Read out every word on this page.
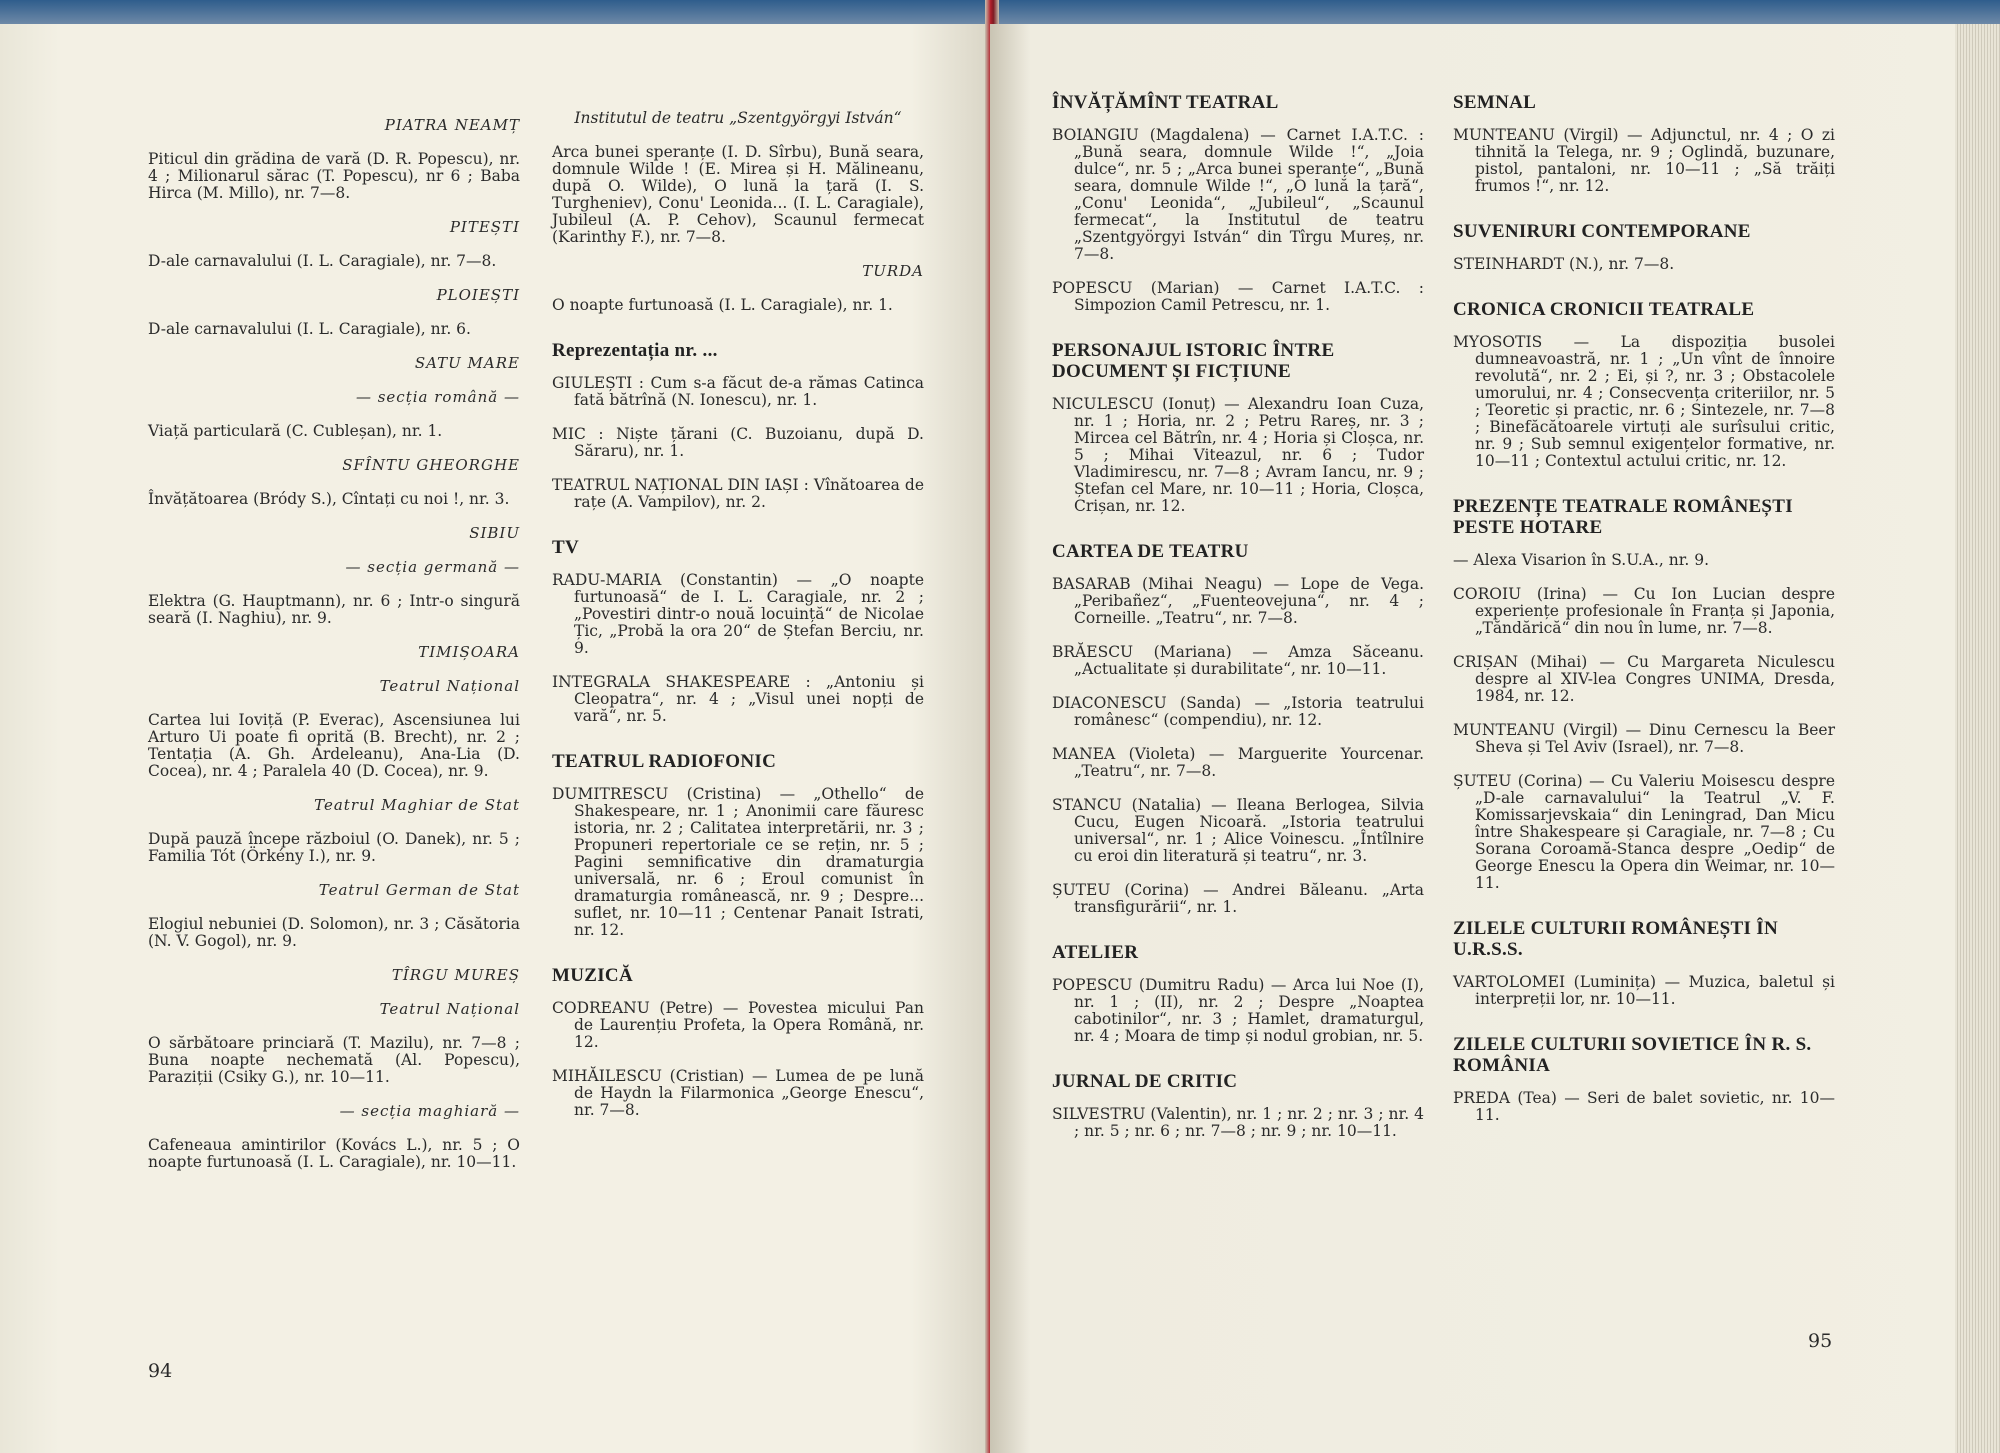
PIATRA NEAMȚ
Piticul din grădina de vară (D. R. Popescu), nr. 4 ; Milionarul sărac (T. Popescu), nr 6 ; Baba Hirca (M. Millo), nr. 7—8.
PITEȘTI
D-ale carnavalului (I. L. Caragiale), nr. 7—8.
PLOIEȘTI
D-ale carnavalului (I. L. Caragiale), nr. 6.
SATU MARE
— secția română —
Viață particulară (C. Cubleșan), nr. 1.
SFÎNTU GHEORGHE
Învățătoarea (Bródy S.), Cîntați cu noi !, nr. 3.
SIBIU
— secția germană —
Elektra (G. Hauptmann), nr. 6 ; Intr-o singură seară (I. Naghiu), nr. 9.
TIMIȘOARA
Teatrul Național
Cartea lui Ioviță (P. Everac), Ascensiunea lui Arturo Ui poate fi oprită (B. Brecht), nr. 2 ; Tentația (A. Gh. Ardeleanu), Ana-Lia (D. Cocea), nr. 4 ; Paralela 40 (D. Cocea), nr. 9.
Teatrul Maghiar de Stat
După pauză începe războiul (O. Danek), nr. 5 ; Familia Tót (Örkény I.), nr. 9.
Teatrul German de Stat
Elogiul nebuniei (D. Solomon), nr. 3 ; Căsătoria (N. V. Gogol), nr. 9.
TÎRGU MUREȘ
Teatrul Național
O sărbătoare princiară (T. Mazilu), nr. 7—8 ; Buna noapte nechemată (Al. Popescu), Paraziții (Csiky G.), nr. 10—11.
— secția maghiară —
Cafeneaua amintirilor (Kovács L.), nr. 5 ; O noapte furtunoasă (I. L. Caragiale), nr. 10—11.
Institutul de teatru „Szentgyörgyi István“
Arca bunei speranțe (I. D. Sîrbu), Bună seara, domnule Wilde ! (E. Mirea și H. Mălineanu, după O. Wilde), O lună la țară (I. S. Turgheniev), Conu' Leonida... (I. L. Caragiale), Jubileul (A. P. Cehov), Scaunul fermecat (Karinthy F.), nr. 7—8.
TURDA
O noapte furtunoasă (I. L. Caragiale), nr. 1.
Reprezentația nr. ...
GIULEȘTI : Cum s-a făcut de-a rămas Catinca fată bătrînă (N. Ionescu), nr. 1.
MIC : Niște țărani (C. Buzoianu, după D. Săraru), nr. 1.
TEATRUL NAȚIONAL DIN IAȘI : Vînătoarea de rațe (A. Vampilov), nr. 2.
TV
RADU-MARIA (Constantin) — „O noapte furtunoasă“ de I. L. Caragiale, nr. 2 ; „Povestiri dintr-o nouă locuință“ de Nicolae Țic, „Probă la ora 20“ de Ștefan Berciu, nr. 9.
INTEGRALA SHAKESPEARE : „Antoniu și Cleopatra“, nr. 4 ; „Visul unei nopți de vară“, nr. 5.
TEATRUL RADIOFONIC
DUMITRESCU (Cristina) — „Othello“ de Shakespeare, nr. 1 ; Anonimii care făuresc istoria, nr. 2 ; Calitatea interpretării, nr. 3 ; Propuneri repertoriale ce se rețin, nr. 5 ; Pagini semnificative din dramaturgia universală, nr. 6 ; Eroul comunist în dramaturgia românească, nr. 9 ; Despre... suflet, nr. 10—11 ; Centenar Panait Istrati, nr. 12.
MUZICĂ
CODREANU (Petre) — Povestea micului Pan de Laurențiu Profeta, la Opera Română, nr. 12.
MIHĂILESCU (Cristian) — Lumea de pe lună de Haydn la Filarmonica „George Enescu“, nr. 7—8.
94
ÎNVĂȚĂMÎNT TEATRAL
BOIANGIU (Magdalena) — Carnet I.A.T.C. : „Bună seara, domnule Wilde !“, „Joia dulce“, nr. 5 ; „Arca bunei speranțe“, „Bună seara, domnule Wilde !“, „O lună la țară“, „Conu' Leonida“, „Jubileul“, „Scaunul fermecat“, la Institutul de teatru „Szentgyörgyi István“ din Tîrgu Mureș, nr. 7—8.
POPESCU (Marian) — Carnet I.A.T.C. : Simpozion Camil Petrescu, nr. 1.
PERSONAJUL ISTORIC ÎNTRE DOCUMENT ȘI FICȚIUNE
NICULESCU (Ionuț) — Alexandru Ioan Cuza, nr. 1 ; Horia, nr. 2 ; Petru Rareș, nr. 3 ; Mircea cel Bătrîn, nr. 4 ; Horia și Cloșca, nr. 5 ; Mihai Viteazul, nr. 6 ; Tudor Vladimirescu, nr. 7—8 ; Avram Iancu, nr. 9 ; Ștefan cel Mare, nr. 10—11 ; Horia, Cloșca, Crișan, nr. 12.
CARTEA DE TEATRU
BASARAB (Mihai Neagu) — Lope de Vega. „Peribañez“, „Fuenteovejuna“, nr. 4 ; Corneille. „Teatru“, nr. 7—8.
BRĂESCU (Mariana) — Amza Săceanu. „Actualitate și durabilitate“, nr. 10—11.
DIACONESCU (Sanda) — „Istoria teatrului românesc“ (compendiu), nr. 12.
MANEA (Violeta) — Marguerite Yourcenar. „Teatru“, nr. 7—8.
STANCU (Natalia) — Ileana Berlogea, Silvia Cucu, Eugen Nicoară. „Istoria teatrului universal“, nr. 1 ; Alice Voinescu. „Întîlnire cu eroi din literatură și teatru“, nr. 3.
ȘUTEU (Corina) — Andrei Băleanu. „Arta transfigurării“, nr. 1.
ATELIER
POPESCU (Dumitru Radu) — Arca lui Noe (I), nr. 1 ; (II), nr. 2 ; Despre „Noaptea cabotinilor“, nr. 3 ; Hamlet, dramaturgul, nr. 4 ; Moara de timp și nodul grobian, nr. 5.
JURNAL DE CRITIC
SILVESTRU (Valentin), nr. 1 ; nr. 2 ; nr. 3 ; nr. 4 ; nr. 5 ; nr. 6 ; nr. 7—8 ; nr. 9 ; nr. 10—11.
SEMNAL
MUNTEANU (Virgil) — Adjunctul, nr. 4 ; O zi tihnită la Telega, nr. 9 ; Oglindă, buzunare, pistol, pantaloni, nr. 10—11 ; „Să trăiți frumos !“, nr. 12.
SUVENIRURI CONTEMPORANE
STEINHARDT (N.), nr. 7—8.
CRONICA CRONICII TEATRALE
MYOSOTIS — La dispoziția busolei dumneavoastră, nr. 1 ; „Un vînt de înnoire revolută“, nr. 2 ; Ei, și ?, nr. 3 ; Obstacolele umorului, nr. 4 ; Consecvența criteriilor, nr. 5 ; Teoretic și practic, nr. 6 ; Sintezele, nr. 7—8 ; Binefăcătoarele virtuți ale surîsului critic, nr. 9 ; Sub semnul exigențelor formative, nr. 10—11 ; Contextul actului critic, nr. 12.
PREZENȚE TEATRALE ROMÂNEȘTI PESTE HOTARE
— Alexa Visarion în S.U.A., nr. 9.
COROIU (Irina) — Cu Ion Lucian despre experiențe profesionale în Franța și Japonia, „Tăndărică“ din nou în lume, nr. 7—8.
CRIȘAN (Mihai) — Cu Margareta Niculescu despre al XIV-lea Congres UNIMA, Dresda, 1984, nr. 12.
MUNTEANU (Virgil) — Dinu Cernescu la Beer Sheva și Tel Aviv (Israel), nr. 7—8.
ȘUTEU (Corina) — Cu Valeriu Moisescu despre „D-ale carnavalului“ la Teatrul „V. F. Komissarjevskaia“ din Leningrad, Dan Micu între Shakespeare și Caragiale, nr. 7—8 ; Cu Sorana Coroamă-Stanca despre „Oedip“ de George Enescu la Opera din Weimar, nr. 10—11.
ZILELE CULTURII ROMÂNEȘTI ÎN U.R.S.S.
VARTOLOMEI (Luminița) — Muzica, baletul și interpreții lor, nr. 10—11.
ZILELE CULTURII SOVIETICE ÎN R. S. ROMÂNIA
PREDA (Tea) — Seri de balet sovietic, nr. 10—11.
95
